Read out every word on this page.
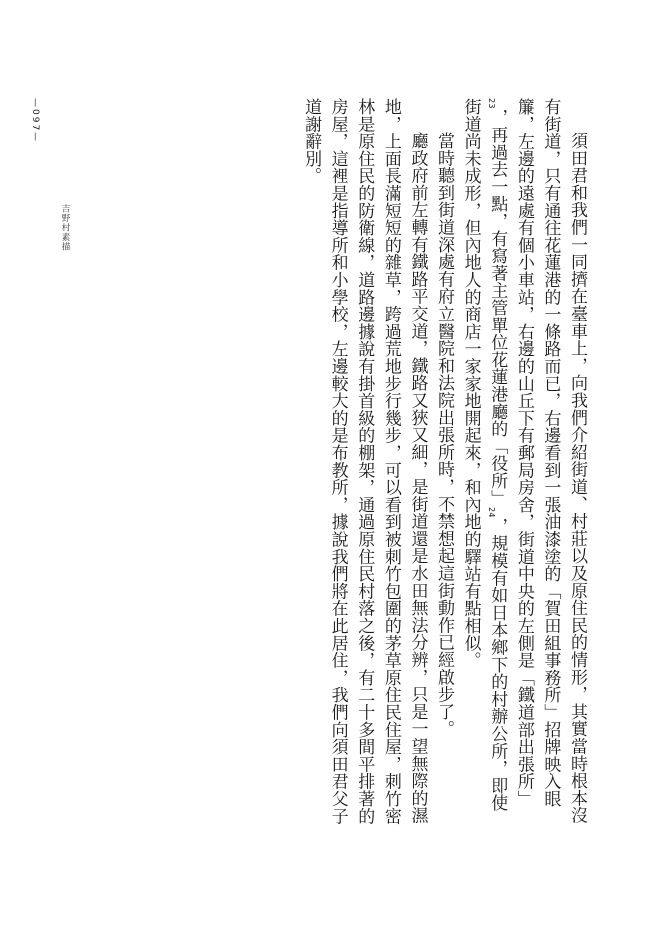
須田君和我們一同擠在臺車上，向我們介紹街道、村莊以及原住民的情形，其實當時根本沒有街道，只有通往花蓮港的一條路而已，右邊看到一張油漆塗的「賀田組事務所」招牌映入眼簾，左邊的遠處有個小車站，右邊的山丘下有郵局房舍，街道中央的左側是「鐵道部出張所」23，再過去一點，有寫著主管單位花蓮港廳的「役所」24，規模有如日本鄉下的村辦公所，即使街道尚未成形，但內地人的商店一家家地開起來，和內地的驛站有點相似。

當時聽到街道深處有府立醫院和法院出張所時，不禁想起這街動作已經啟步了。

廳政府前左轉有鐵路平交道，鐵路又狹又細，是街道還是水田無法分辨，只是一望無際的濕地，上面長滿短短的雜草，跨過荒地步行幾步，可以看到被刺竹包圍的茅草原住民住屋，刺竹密林是原住民的防衛線，道路邊據說有掛首級的棚架，通過原住民村落之後，有二十多間平排著的房屋，這裡是指導所和小學校，左邊較大的是布教所，據說我們將在此居住，我們向須田君父子道謝辭別。

—097—
吉野村素描
